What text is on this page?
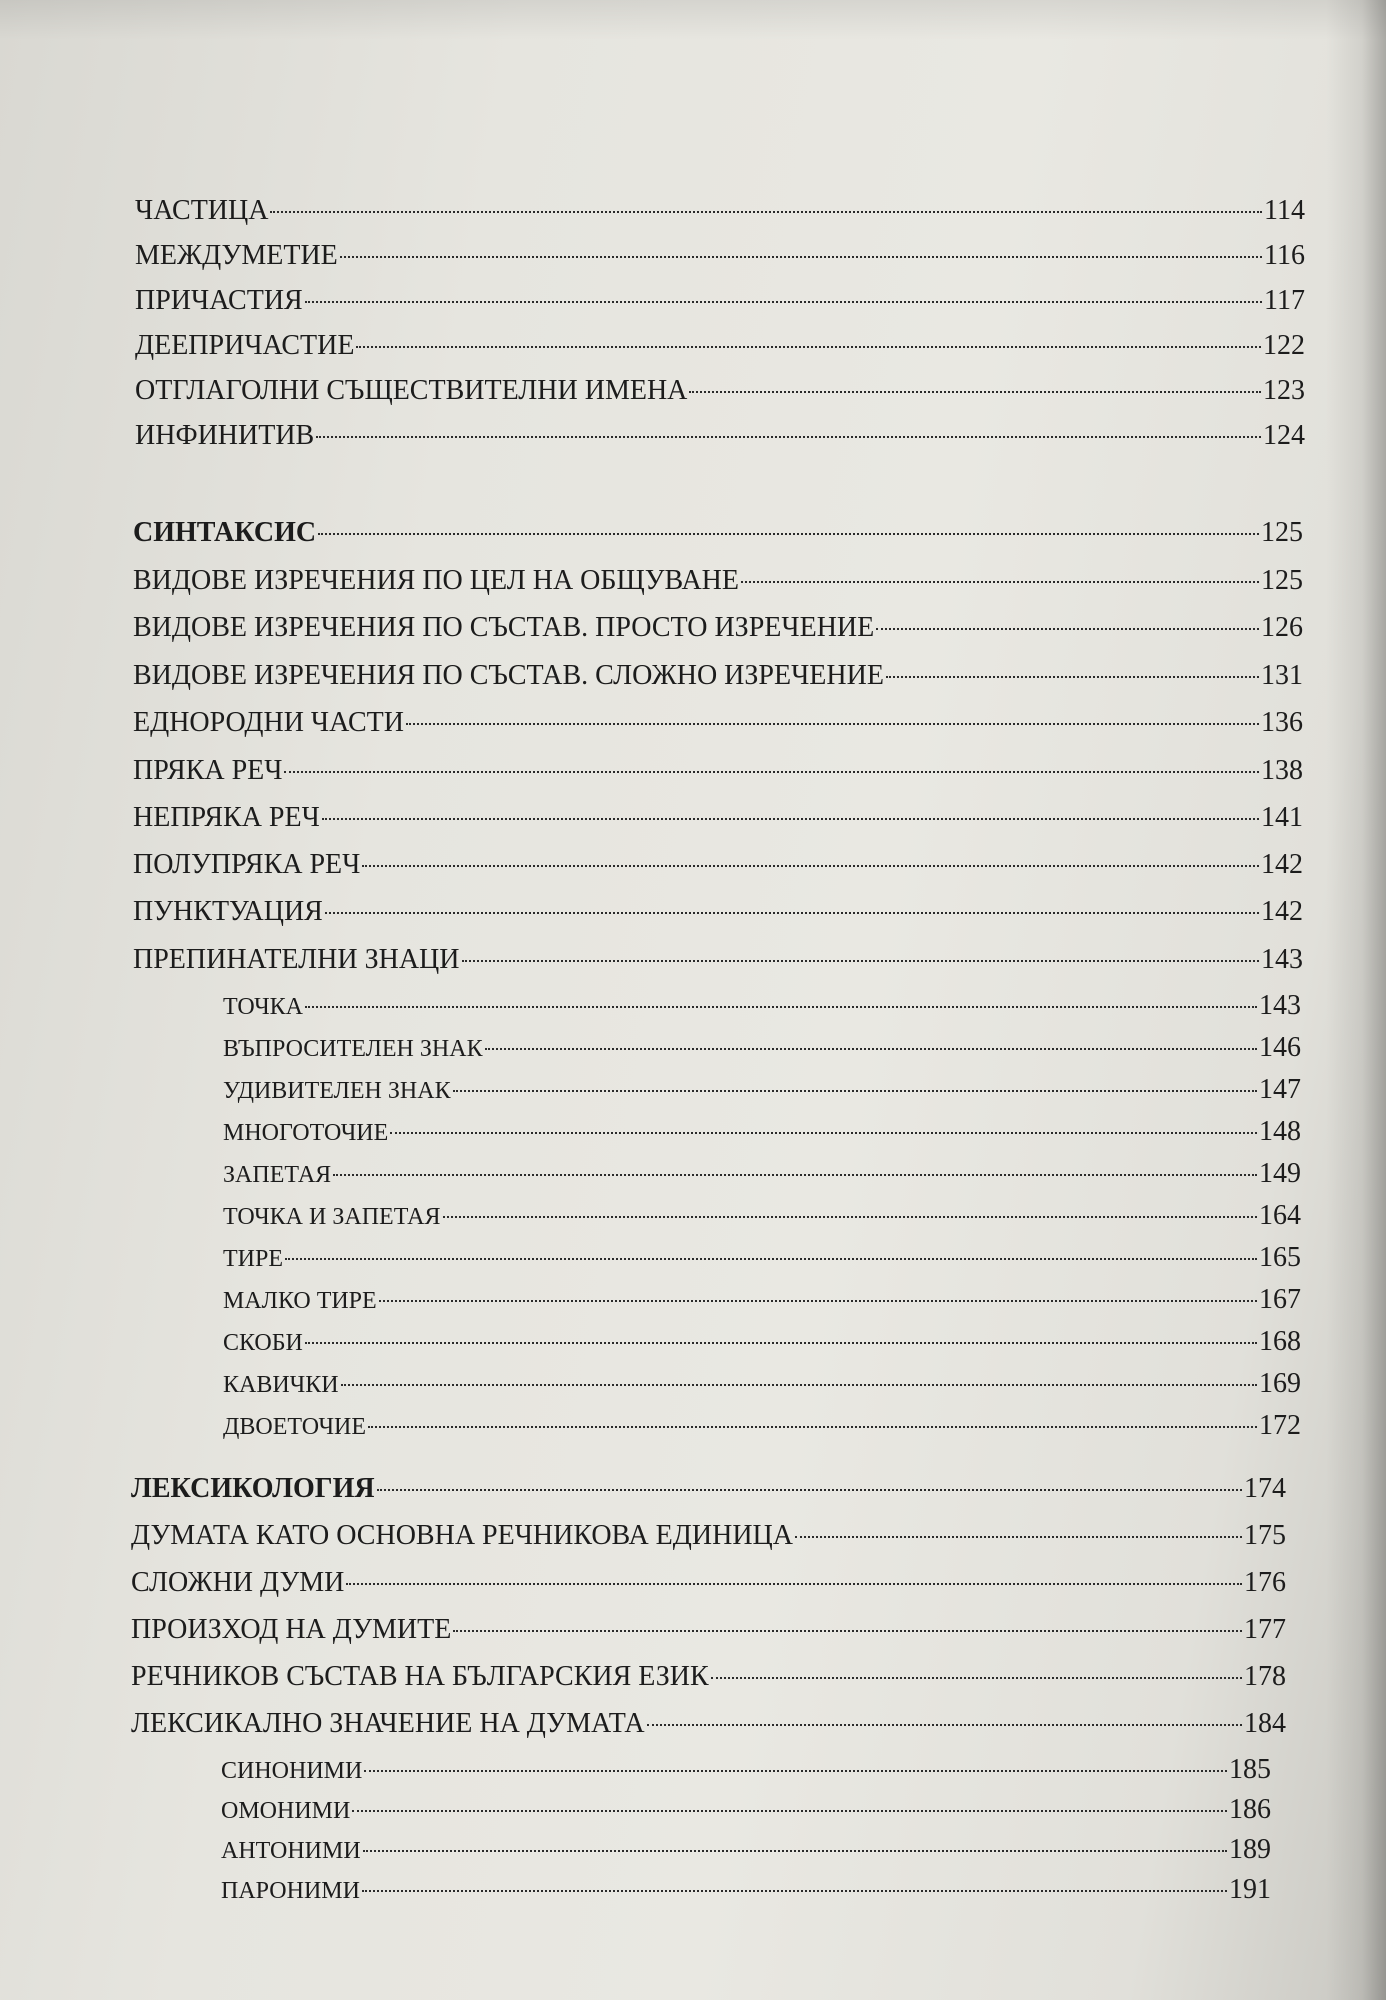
ЧАСТИЦА	114
МЕЖДУМЕТИЕ	116
ПРИЧАСТИЯ	117
ДЕЕПРИЧАСТИЕ	122
ОТГЛАГОЛНИ СЪЩЕСТВИТЕЛНИ ИМЕНА	123
ИНФИНИТИВ	124
СИНТАКСИС	125
ВИДОВЕ ИЗРЕЧЕНИЯ ПО ЦЕЛ НА ОБЩУВАНЕ	125
ВИДОВЕ ИЗРЕЧЕНИЯ ПО СЪСТАВ. ПРОСТО ИЗРЕЧЕНИЕ	126
ВИДОВЕ ИЗРЕЧЕНИЯ ПО СЪСТАВ. СЛОЖНО ИЗРЕЧЕНИЕ	131
ЕДНОРОДНИ ЧАСТИ	136
ПРЯКА РЕЧ	138
НЕПРЯКА РЕЧ	141
ПОЛУПРЯКА РЕЧ	142
ПУНКТУАЦИЯ	142
ПРЕПИНАТЕЛНИ ЗНАЦИ	143
ТОЧКА	143
ВЪПРОСИТЕЛЕН ЗНАК	146
УДИВИТЕЛЕН ЗНАК	147
МНОГОТОЧИЕ	148
ЗАПЕТАЯ	149
ТОЧКА И ЗАПЕТАЯ	164
ТИРЕ	165
МАЛКО ТИРЕ	167
СКОБИ	168
КАВИЧКИ	169
ДВОЕТОЧИЕ	172
ЛЕКСИКОЛОГИЯ	174
ДУМАТА КАТО ОСНОВНА РЕЧНИКОВА ЕДИНИЦА	175
СЛОЖНИ ДУМИ	176
ПРОИЗХОД НА ДУМИТЕ	177
РЕЧНИКОВ СЪСТАВ НА БЪЛГАРСКИЯ ЕЗИК	178
ЛЕКСИКАЛНО ЗНАЧЕНИЕ НА ДУМАТА	184
СИНОНИМИ	185
ОМОНИМИ	186
АНТОНИМИ	189
ПАРОНИМИ	191
